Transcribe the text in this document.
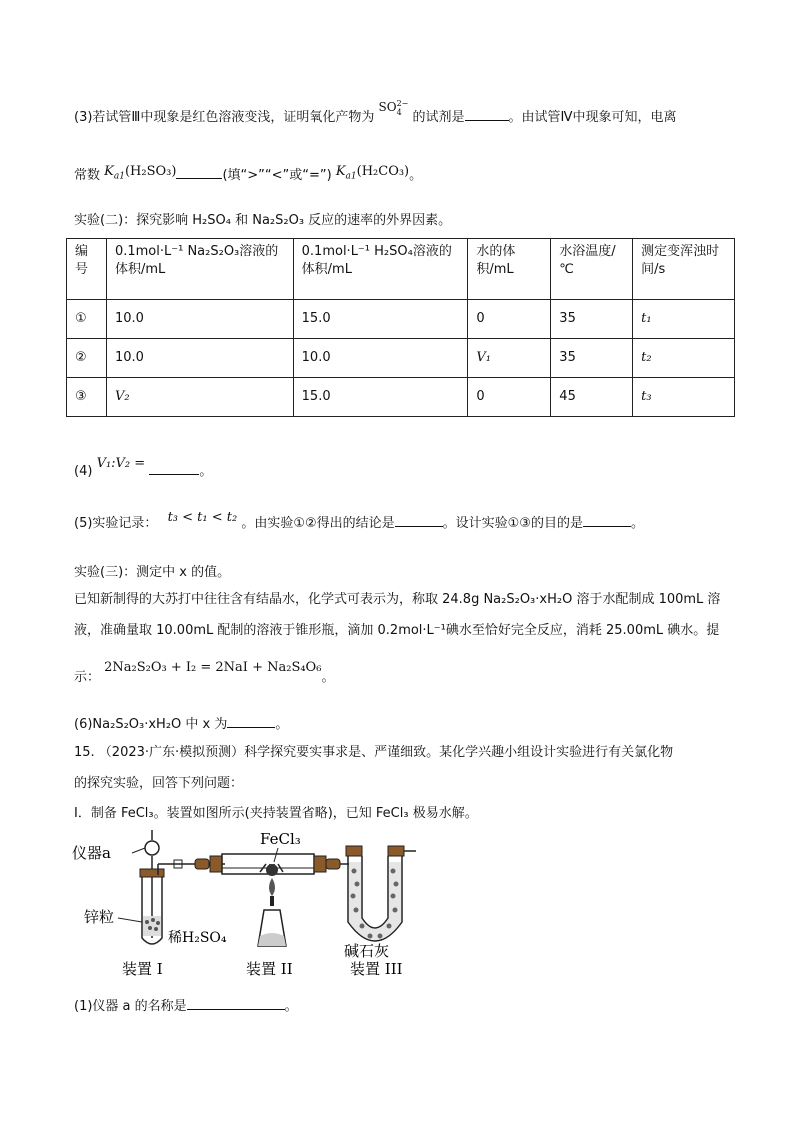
(3)若试管Ⅲ中现象是红色溶液变浅，证明氧化产物为 SO 2−
4 的试剂是	。由试管Ⅳ中现象可知，电离
常数 $K_{a1}(H_2SO_3)$	(填“>”“<”或“=”) $K_{a1}(H_2CO_3)$。
实验(二)：探究影响 H₂SO₄ 和 Na₂S₂O₃ 反应的速率的外界因素。
编号	0.1mol·L⁻¹ Na₂S₂O₃溶液的体积/mL	0.1mol·L⁻¹ H₂SO₄溶液的体积/mL	水的体积/mL	水浴温度/℃	测定变浑浊时间/s
①	10.0	15.0	0	35	t₁
②	10.0	10.0	V₁	35	t₂
③	V₂	15.0	0	45	t₃
(4) V₁:V₂ = 。
(5)实验记录： t₃ < t₁ < t₂ 。由实验①②得出的结论是	。设计实验①③的目的是	。
实验(三)：测定中 x 的值。
已知新制得的大苏打中往往含有结晶水，化学式可表示为，称取 24.8g Na₂S₂O₃·xH₂O 溶于水配制成 100mL 溶
液，准确量取 10.00mL 配制的溶液于锥形瓶，滴加 0.2mol·L⁻¹碘水至恰好完全反应，消耗 25.00mL 碘水。提
示： 2Na₂S₂O₃ + I₂ = 2NaI + Na₂S₄O₆。
(6)Na₂S₂O₃·xH₂O 中 x 为	。
15. （2023·广东·模拟预测）科学探究要实事求是、严谨细致。某化学兴趣小组设计实验进行有关氯化物
的探究实验，回答下列问题：
I．制备 FeCl₃。装置如图所示(夹持装置省略)，已知 FeCl₃ 极易水解。
仪器a
锌粒
稀H₂SO₄
FeCl₃
碱石灰
装置 I	装置 II	装置 III
(1)仪器 a 的名称是	。
